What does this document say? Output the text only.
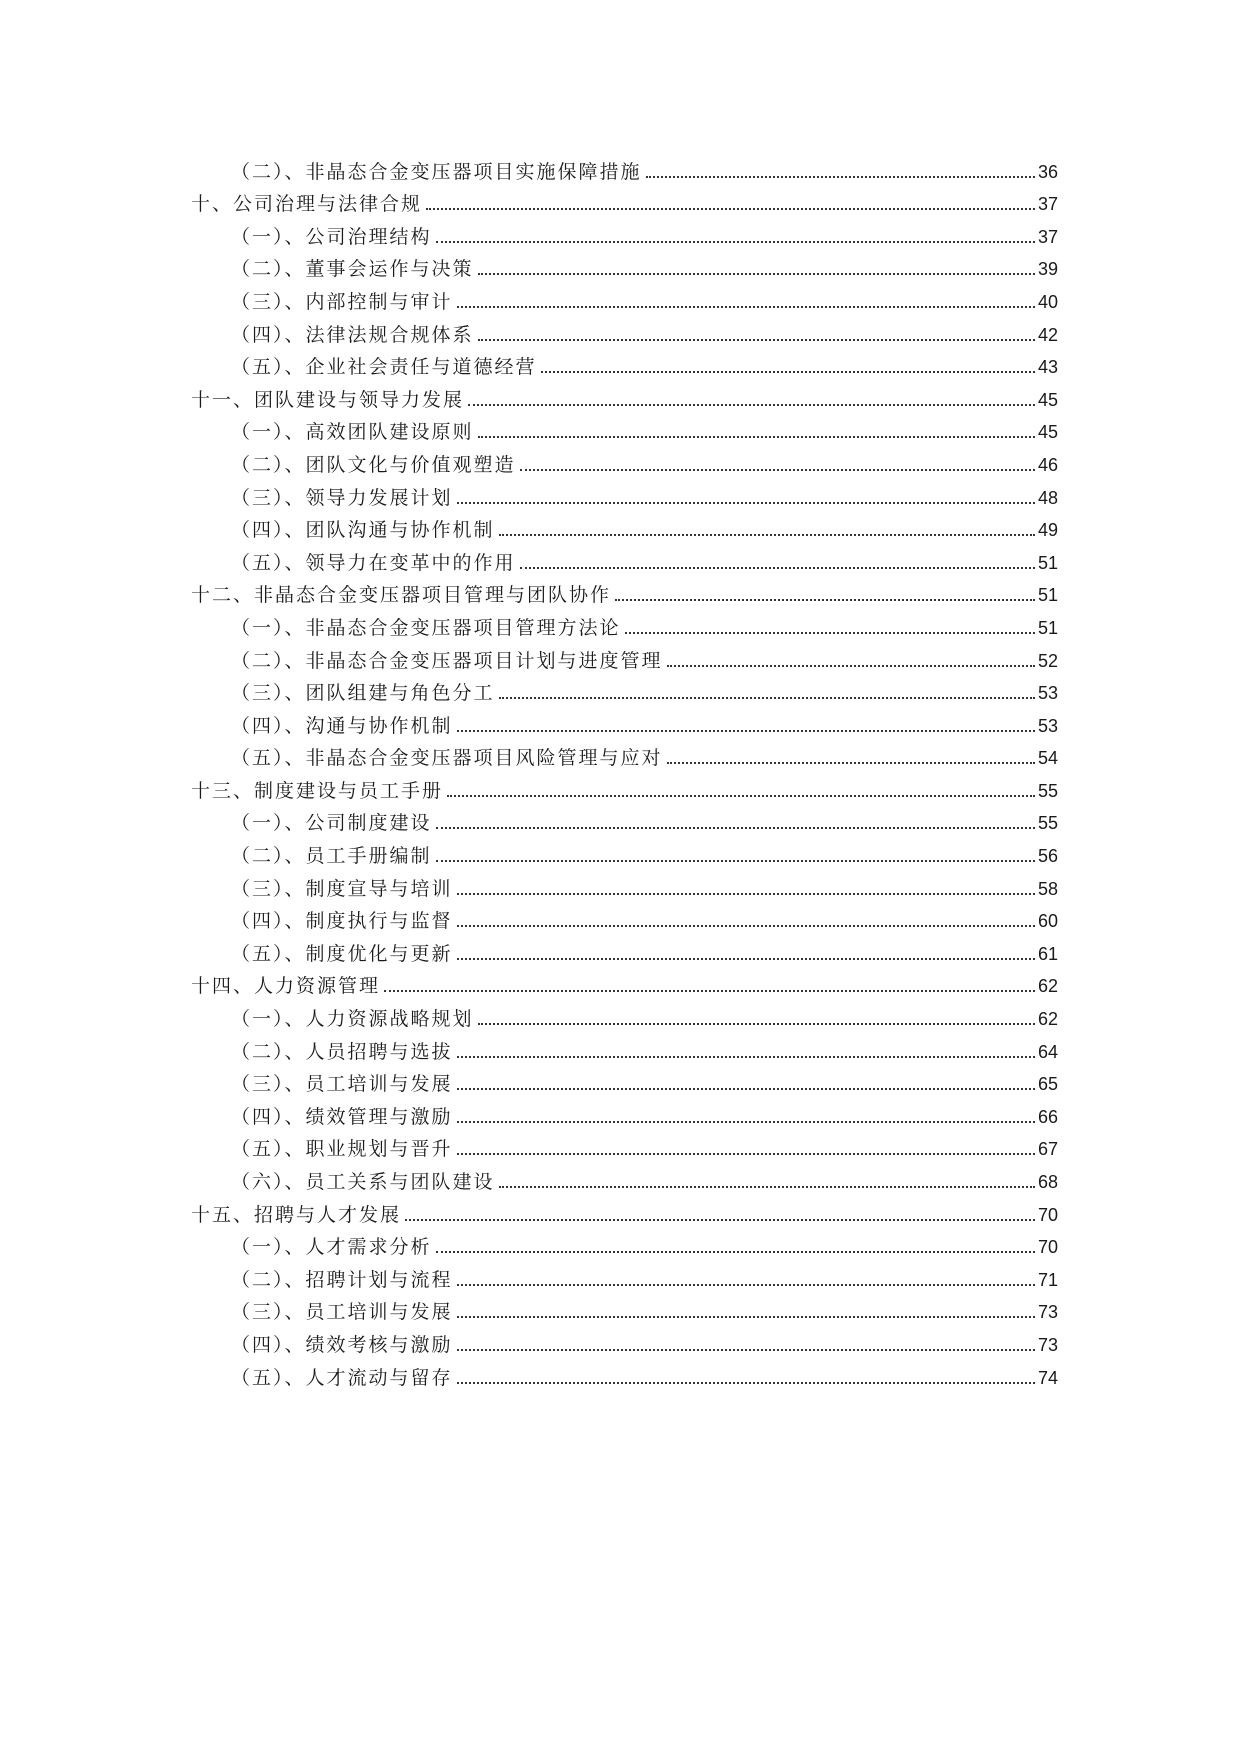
（二）、非晶态合金变压器项目实施保障措施	36
十、公司治理与法律合规	37
（一）、公司治理结构	37
（二）、董事会运作与决策	39
（三）、内部控制与审计	40
（四）、法律法规合规体系	42
（五）、企业社会责任与道德经营	43
十一、团队建设与领导力发展	45
（一）、高效团队建设原则	45
（二）、团队文化与价值观塑造	46
（三）、领导力发展计划	48
（四）、团队沟通与协作机制	49
（五）、领导力在变革中的作用	51
十二、非晶态合金变压器项目管理与团队协作	51
（一）、非晶态合金变压器项目管理方法论	51
（二）、非晶态合金变压器项目计划与进度管理	52
（三）、团队组建与角色分工	53
（四）、沟通与协作机制	53
（五）、非晶态合金变压器项目风险管理与应对	54
十三、制度建设与员工手册	55
（一）、公司制度建设	55
（二）、员工手册编制	56
（三）、制度宣导与培训	58
（四）、制度执行与监督	60
（五）、制度优化与更新	61
十四、人力资源管理	62
（一）、人力资源战略规划	62
（二）、人员招聘与选拔	64
（三）、员工培训与发展	65
（四）、绩效管理与激励	66
（五）、职业规划与晋升	67
（六）、员工关系与团队建设	68
十五、招聘与人才发展	70
（一）、人才需求分析	70
（二）、招聘计划与流程	71
（三）、员工培训与发展	73
（四）、绩效考核与激励	73
（五）、人才流动与留存	74
